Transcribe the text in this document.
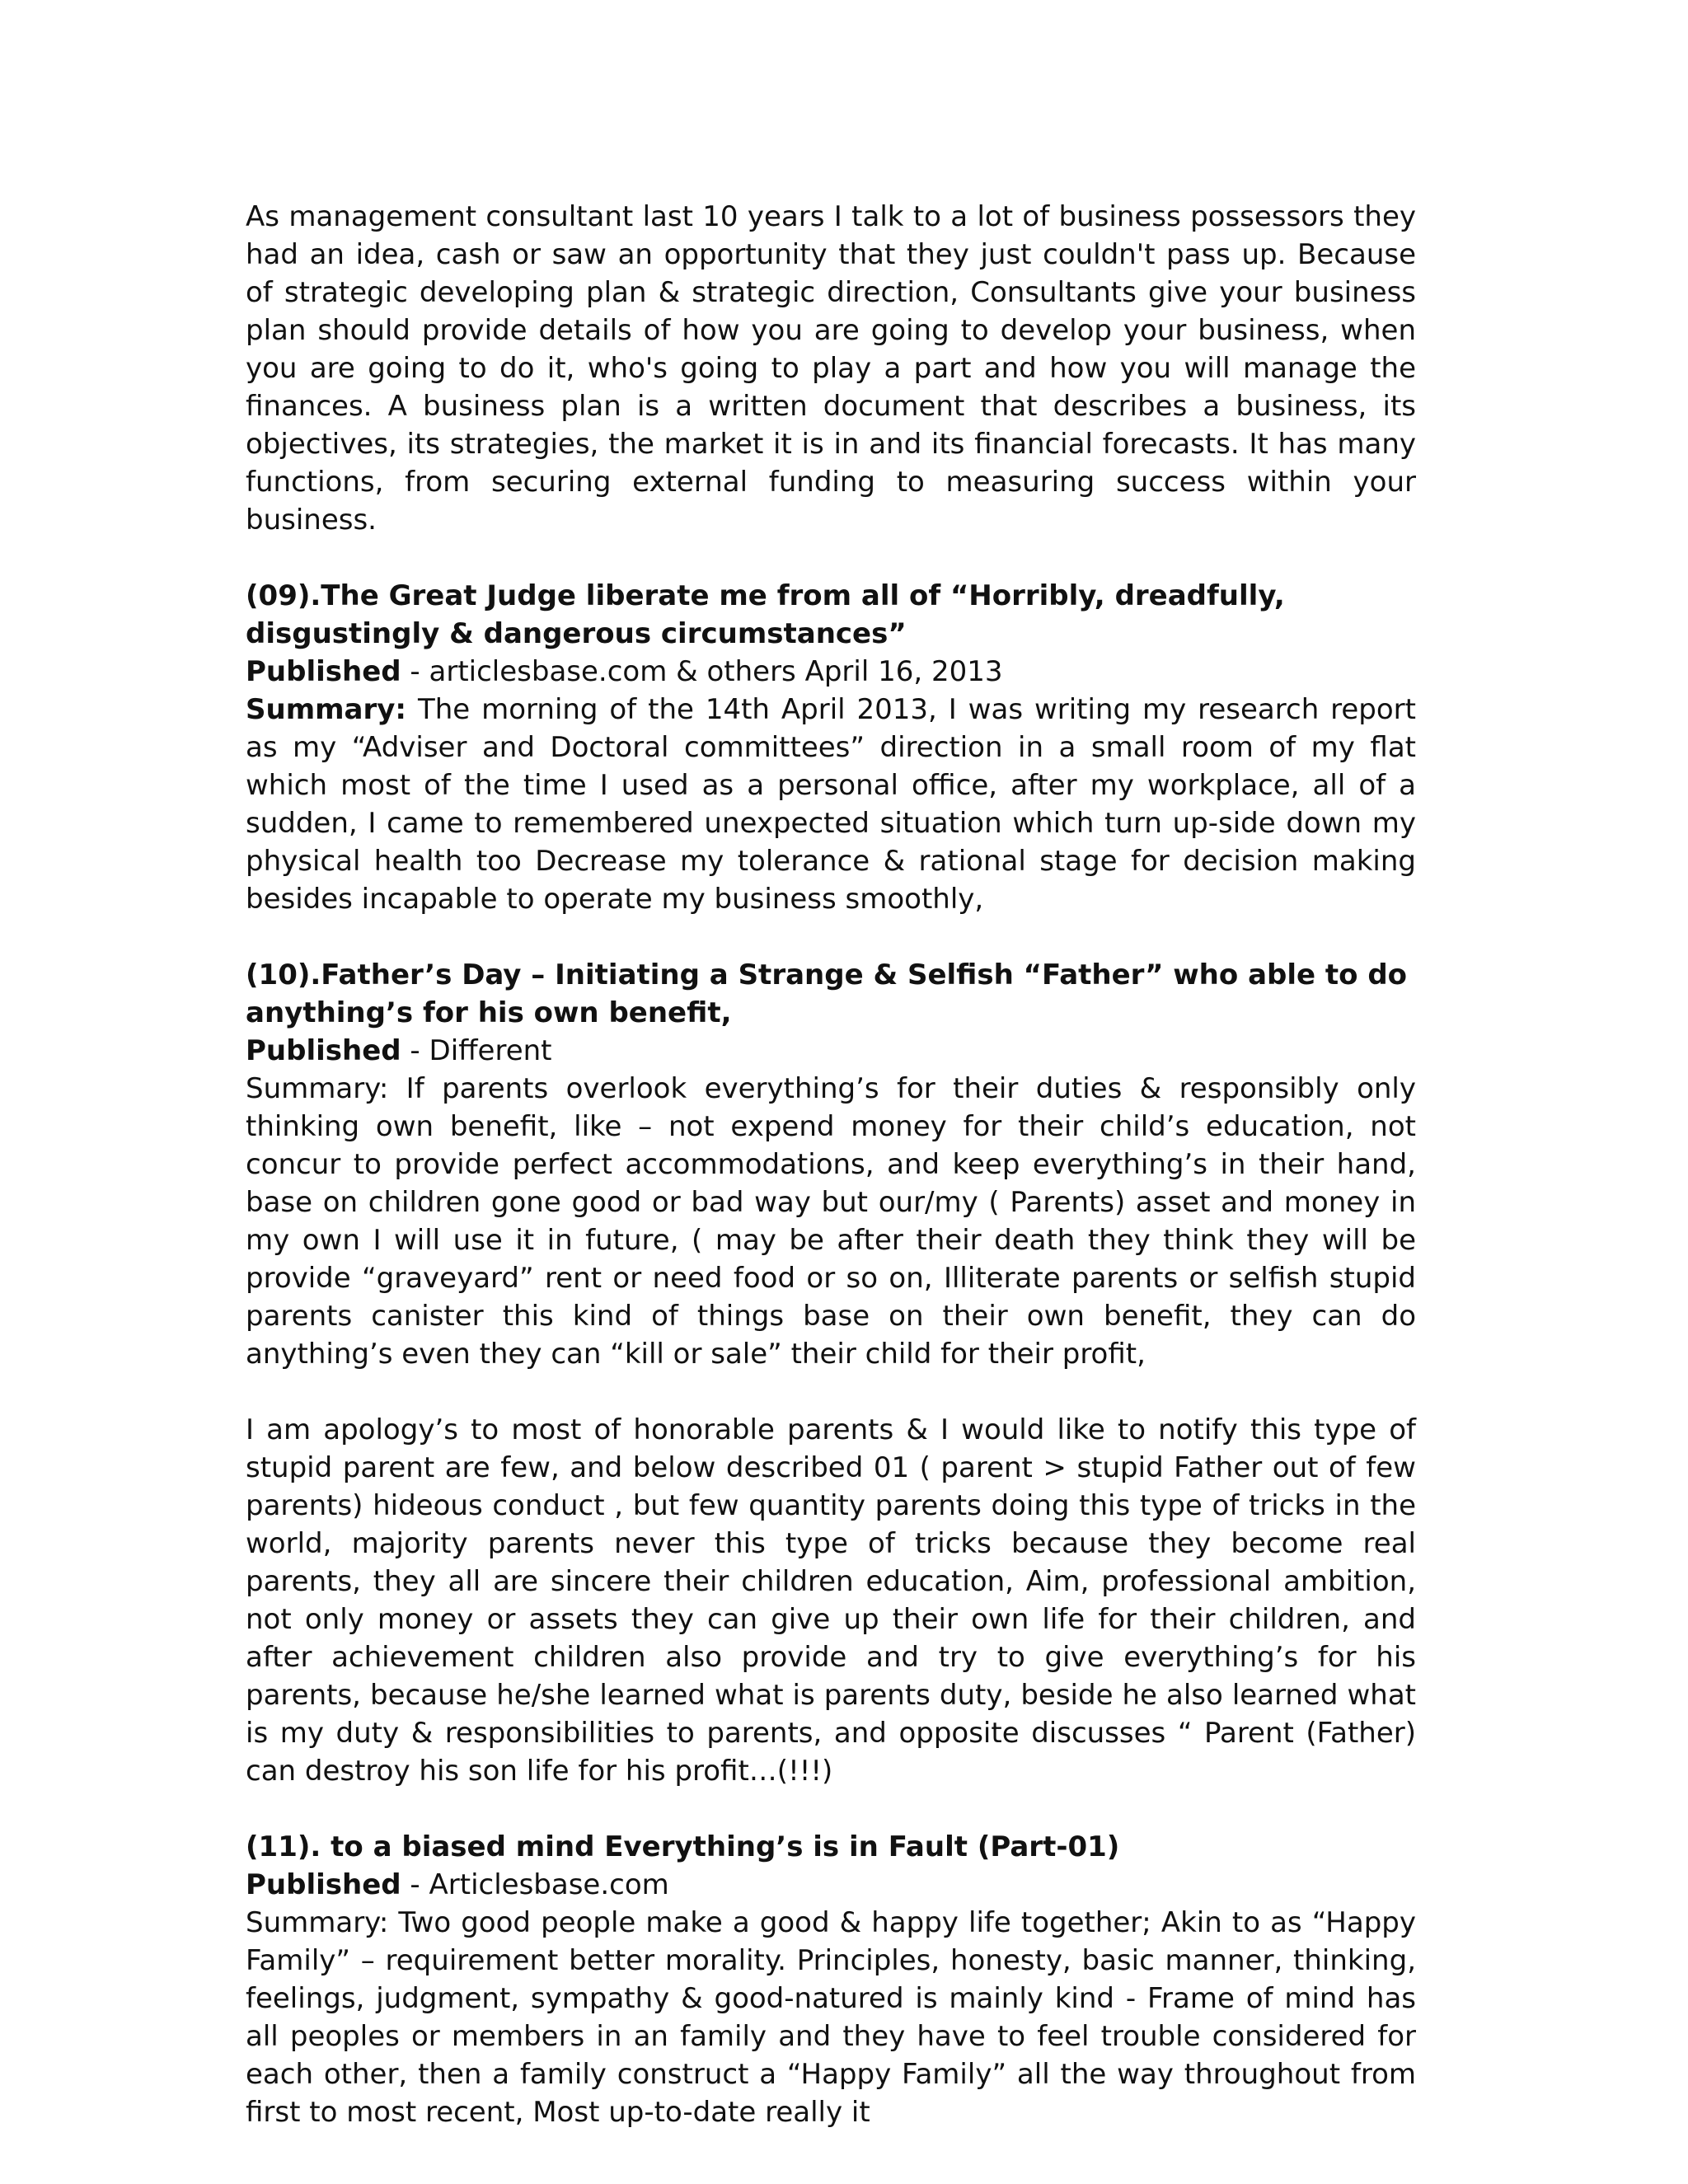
As management consultant last 10 years I talk to a lot of business possessors they had an idea, cash or saw an opportunity that they just couldn't pass up. Because of strategic developing plan & strategic direction, Consultants give your business plan should provide details of how you are going to develop your business, when you are going to do it, who's going to play a part and how you will manage the finances. A business plan is a written document that describes a business, its objectives, its strategies, the market it is in and its financial forecasts. It has many functions, from securing external funding to measuring success within your business.

(09).The Great Judge liberate me from all of “Horribly, dreadfully, disgustingly & dangerous circumstances”

Published - articlesbase.com & others April 16, 2013

Summary: The morning of the 14th April 2013, I was writing my research report as my “Adviser and Doctoral committees” direction in a small room of my flat which most of the time I used as a personal office, after my workplace, all of a sudden, I came to remembered unexpected situation which turn up-side down my physical health too Decrease my tolerance & rational stage for decision making besides incapable to operate my business smoothly,

(10).Father’s Day – Initiating a Strange & Selfish “Father” who able to do anything’s for his own benefit,

Published - Different

Summary: If parents overlook everything’s for their duties & responsibly only thinking own benefit, like – not expend money for their child’s education, not concur to provide perfect accommodations, and keep everything’s in their hand, base on children gone good or bad way but our/my ( Parents) asset and money in my own I will use it in future, ( may be after their death they think they will be provide “graveyard” rent or need food or so on, Illiterate parents or selfish stupid parents canister this kind of things base on their own benefit, they can do anything’s even they can “kill or sale” their child for their profit,

I am apology’s to most of honorable parents & I would like to notify this type of stupid parent are few, and below described 01 ( parent > stupid Father out of few parents) hideous conduct , but few quantity parents doing this type of tricks in the world, majority parents never this type of tricks because they become real parents, they all are sincere their children education, Aim, professional ambition, not only money or assets they can give up their own life for their children, and after achievement children also provide and try to give everything’s for his parents, because he/she learned what is parents duty, beside he also learned what is my duty & responsibilities to parents, and opposite discusses “ Parent (Father) can destroy his son life for his profit…(!!!)

(11). to a biased mind Everything’s is in Fault (Part-01)

Published - Articlesbase.com

Summary: Two good people make a good & happy life together; Akin to as “Happy Family” – requirement better morality. Principles, honesty, basic manner, thinking, feelings, judgment, sympathy & good-natured is mainly kind - Frame of mind has all peoples or members in an family and they have to feel trouble considered for each other, then a family construct a “Happy Family” all the way throughout from first to most recent, Most up-to-date really it
